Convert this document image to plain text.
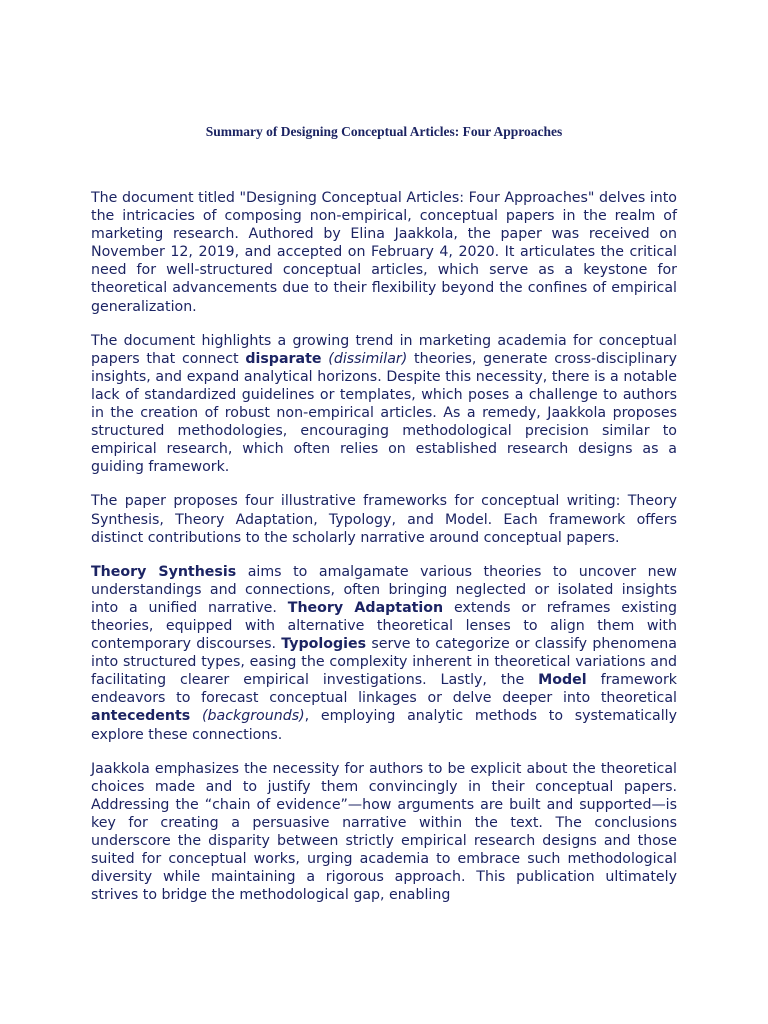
Summary of Designing Conceptual Articles: Four Approaches

The document titled "Designing Conceptual Articles: Four Approaches" delves into the intricacies of composing non-empirical, conceptual papers in the realm of marketing research. Authored by Elina Jaakkola, the paper was received on November 12, 2019, and accepted on February 4, 2020. It articulates the critical need for well-structured conceptual articles, which serve as a keystone for theoretical advancements due to their flexibility beyond the confines of empirical generalization.

The document highlights a growing trend in marketing academia for conceptual papers that connect disparate (dissimilar) theories, generate cross-disciplinary insights, and expand analytical horizons. Despite this necessity, there is a notable lack of standardized guidelines or templates, which poses a challenge to authors in the creation of robust non-empirical articles. As a remedy, Jaakkola proposes structured methodologies, encouraging methodological precision similar to empirical research, which often relies on established research designs as a guiding framework.

The paper proposes four illustrative frameworks for conceptual writing: Theory Synthesis, Theory Adaptation, Typology, and Model. Each framework offers distinct contributions to the scholarly narrative around conceptual papers.

Theory Synthesis aims to amalgamate various theories to uncover new understandings and connections, often bringing neglected or isolated insights into a unified narrative. Theory Adaptation extends or reframes existing theories, equipped with alternative theoretical lenses to align them with contemporary discourses. Typologies serve to categorize or classify phenomena into structured types, easing the complexity inherent in theoretical variations and facilitating clearer empirical investigations. Lastly, the Model framework endeavors to forecast conceptual linkages or delve deeper into theoretical antecedents (backgrounds), employing analytic methods to systematically explore these connections.

Jaakkola emphasizes the necessity for authors to be explicit about the theoretical choices made and to justify them convincingly in their conceptual papers. Addressing the “chain of evidence”—how arguments are built and supported—is key for creating a persuasive narrative within the text. The conclusions underscore the disparity between strictly empirical research designs and those suited for conceptual works, urging academia to embrace such methodological diversity while maintaining a rigorous approach. This publication ultimately strives to bridge the methodological gap, enabling
